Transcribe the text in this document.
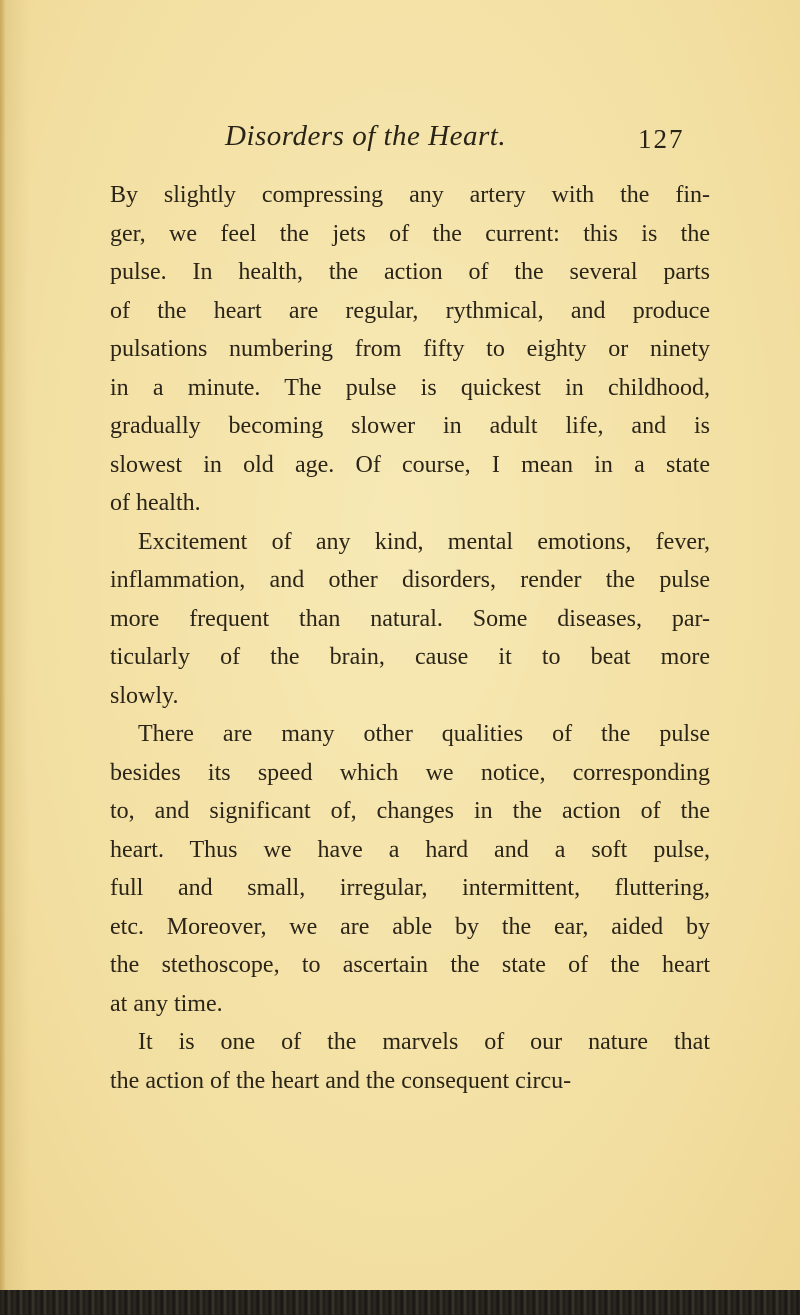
Disorders of the Heart.	127
By slightly compressing any artery with the fin-
ger, we feel the jets of the current: this is the
pulse. In health, the action of the several parts
of the heart are regular, rythmical, and produce
pulsations numbering from fifty to eighty or ninety
in a minute. The pulse is quickest in childhood,
gradually becoming slower in adult life, and is
slowest in old age. Of course, I mean in a state
of health.
Excitement of any kind, mental emotions, fever,
inflammation, and other disorders, render the pulse
more frequent than natural. Some diseases, par-
ticularly of the brain, cause it to beat more
slowly.
There are many other qualities of the pulse
besides its speed which we notice, corresponding
to, and significant of, changes in the action of the
heart. Thus we have a hard and a soft pulse,
full and small, irregular, intermittent, fluttering,
etc. Moreover, we are able by the ear, aided by
the stethoscope, to ascertain the state of the heart
at any time.
It is one of the marvels of our nature that
the action of the heart and the consequent circu-
